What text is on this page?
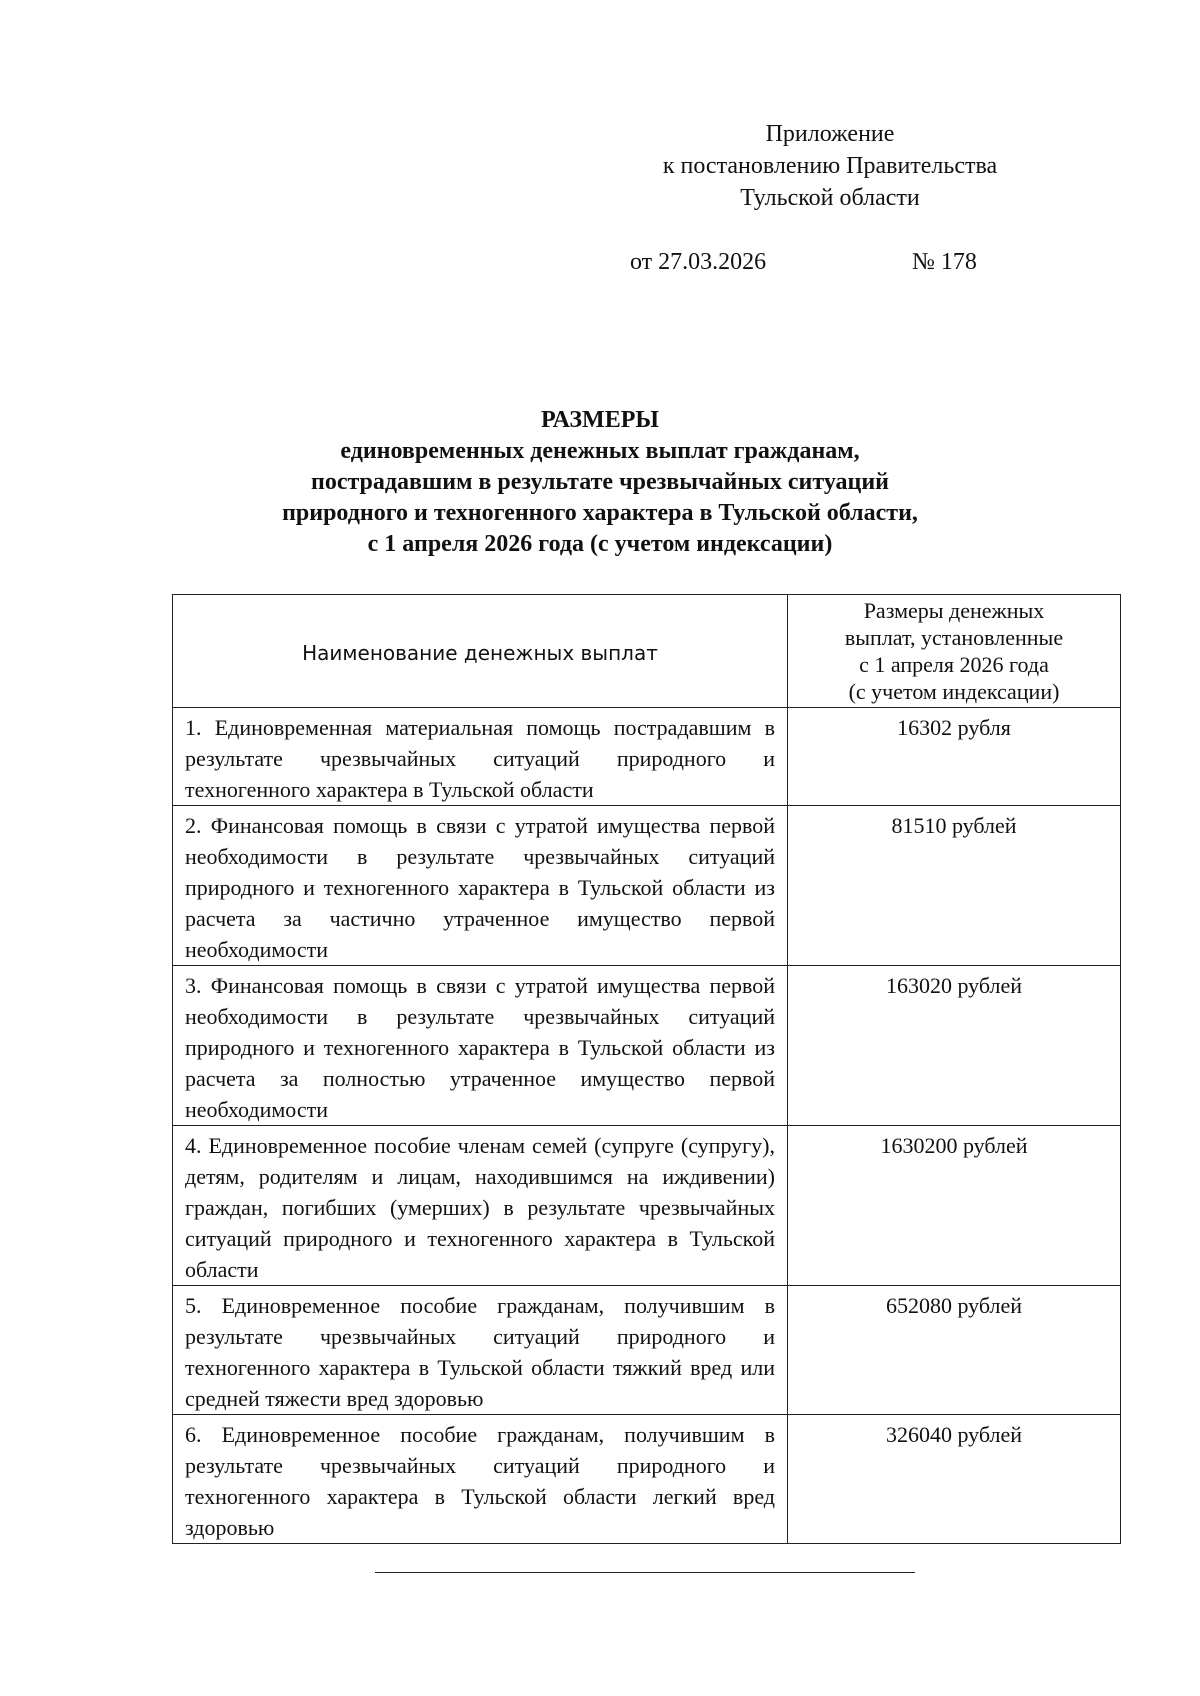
Приложение
к постановлению Правительства
Тульской области
от 27.03.2026	№ 178
РАЗМЕРЫ
единовременных денежных выплат гражданам,
пострадавшим в результате чрезвычайных ситуаций
природного и техногенного характера в Тульской области,
с 1 апреля 2026 года (с учетом индексации)
Наименование денежных выплат	Размеры денежных
выплат, установленные
с 1 апреля 2026 года
(с учетом индексации)

1. Единовременная материальная помощь пострадавшим в результате чрезвычайных ситуаций природного и техногенного характера в Тульской области	16302 рубля
2. Финансовая помощь в связи с утратой имущества первой необходимости в результате чрезвычайных ситуаций природного и техногенного характера в Тульской области из расчета за частично утраченное имущество первой необходимости	81510 рублей
3. Финансовая помощь в связи с утратой имущества первой необходимости в результате чрезвычайных ситуаций природного и техногенного характера в Тульской области из расчета за полностью утраченное имущество первой необходимости	163020 рублей
4. Единовременное пособие членам семей (супруге (супругу), детям, родителям и лицам, находившимся на иждивении) граждан, погибших (умерших) в результате чрезвычайных ситуаций природного и техногенного характера в Тульской области	1630200 рублей
5. Единовременное пособие гражданам, получившим в результате чрезвычайных ситуаций природного и техногенного характера в Тульской области тяжкий вред или средней тяжести вред здоровью	652080 рублей
6. Единовременное пособие гражданам, получившим в результате чрезвычайных ситуаций природного и техногенного характера в Тульской области легкий вред здоровью	326040 рублей
